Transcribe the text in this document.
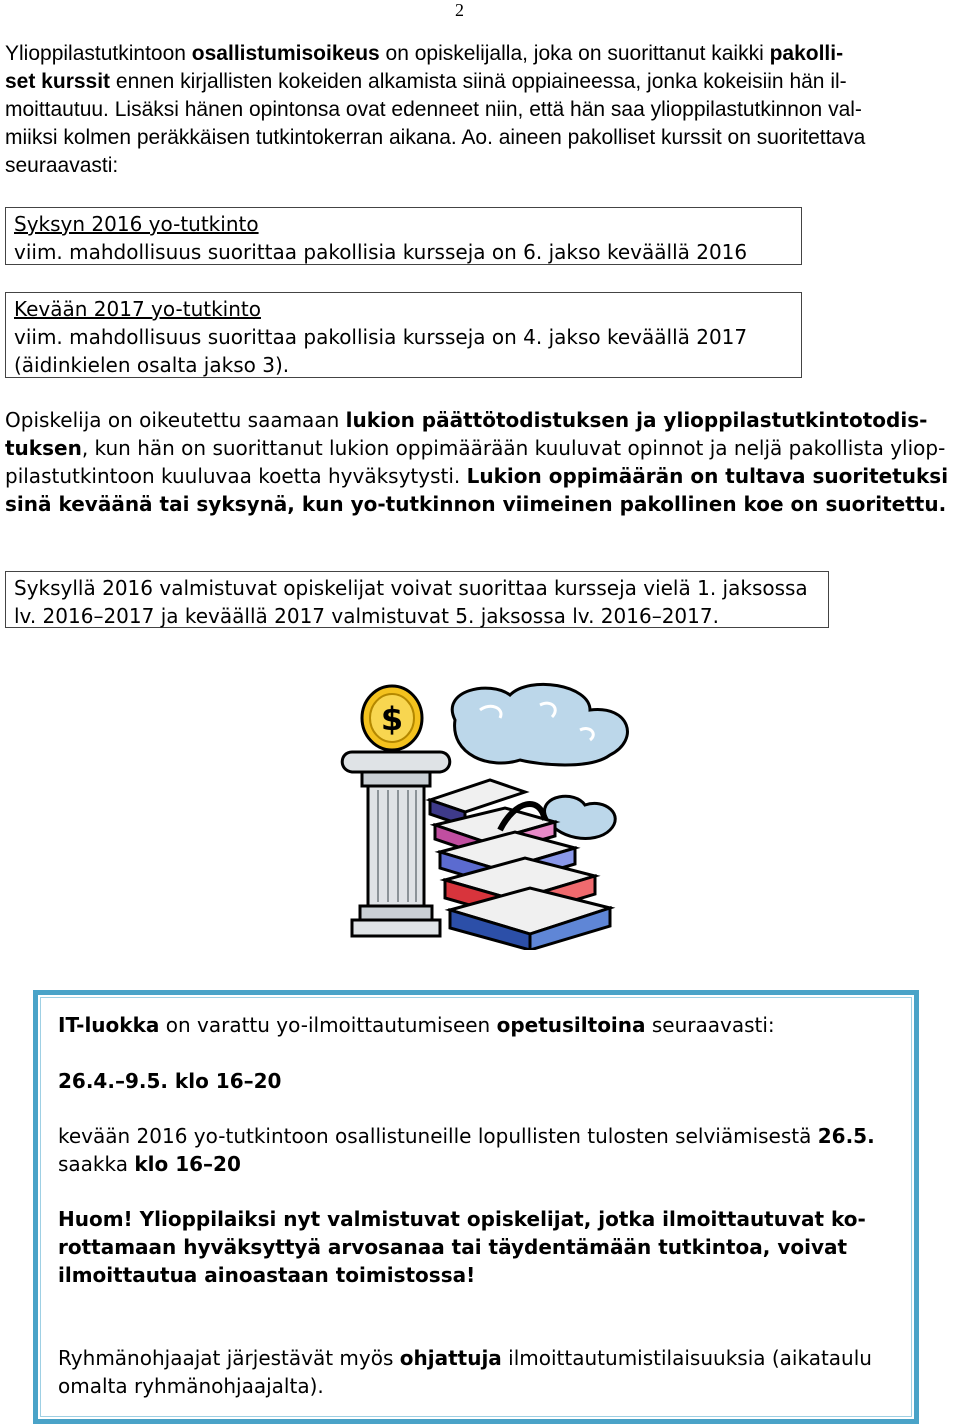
2

Ylioppilastutkintoon osallistumisoikeus on opiskelijalla, joka on suorittanut kaikki pakolli-
set kurssit ennen kirjallisten kokeiden alkamista siinä oppiaineessa, jonka kokeisiin hän il-
moittautuu. Lisäksi hänen opintonsa ovat edenneet niin, että hän saa ylioppilastutkinnon val-
miiksi kolmen peräkkäisen tutkintokerran aikana. Ao. aineen pakolliset kurssit on suoritettava
seuraavasti:

Syksyn 2016 yo-tutkinto
viim. mahdollisuus suorittaa pakollisia kursseja on 6. jakso keväällä 2016
Kevään 2017 yo-tutkinto
viim. mahdollisuus suorittaa pakollisia kursseja on 4. jakso keväällä 2017
(äidinkielen osalta jakso 3).

Opiskelija on oikeutettu saamaan lukion päättötodistuksen ja ylioppilastutkintotodis-
tuksen, kun hän on suorittanut lukion oppimäärään kuuluvat opinnot ja neljä pakollista yliop-
pilastutkintoon kuuluvaa koetta hyväksytysti. Lukion oppimäärän on tultava suoritetuksi
sinä keväänä tai syksynä, kun yo-tutkinnon viimeinen pakollinen koe on suoritettu.

Syksyllä 2016 valmistuvat opiskelijat voivat suorittaa kursseja vielä 1. jaksossa
lv. 2016–2017 ja keväällä 2017 valmistuvat 5. jaksossa lv. 2016–2017.
$
IT-luokka on varattu yo-ilmoittautumiseen opetusiltoina seuraavasti:
26.4.–9.5. klo 16–20
kevään 2016 yo-tutkintoon osallistuneille lopullisten tulosten selviämisestä 26.5.
saakka klo 16–20
Huom! Ylioppilaiksi nyt valmistuvat opiskelijat, jotka ilmoittautuvat ko-
rottamaan hyväksyttyä arvosanaa tai täydentämään tutkintoa, voivat
ilmoittautua ainoastaan toimistossa!
Ryhmänohjaajat järjestävät myös ohjattuja ilmoittautumistilaisuuksia (aikataulu
omalta ryhmänohjaajalta).
